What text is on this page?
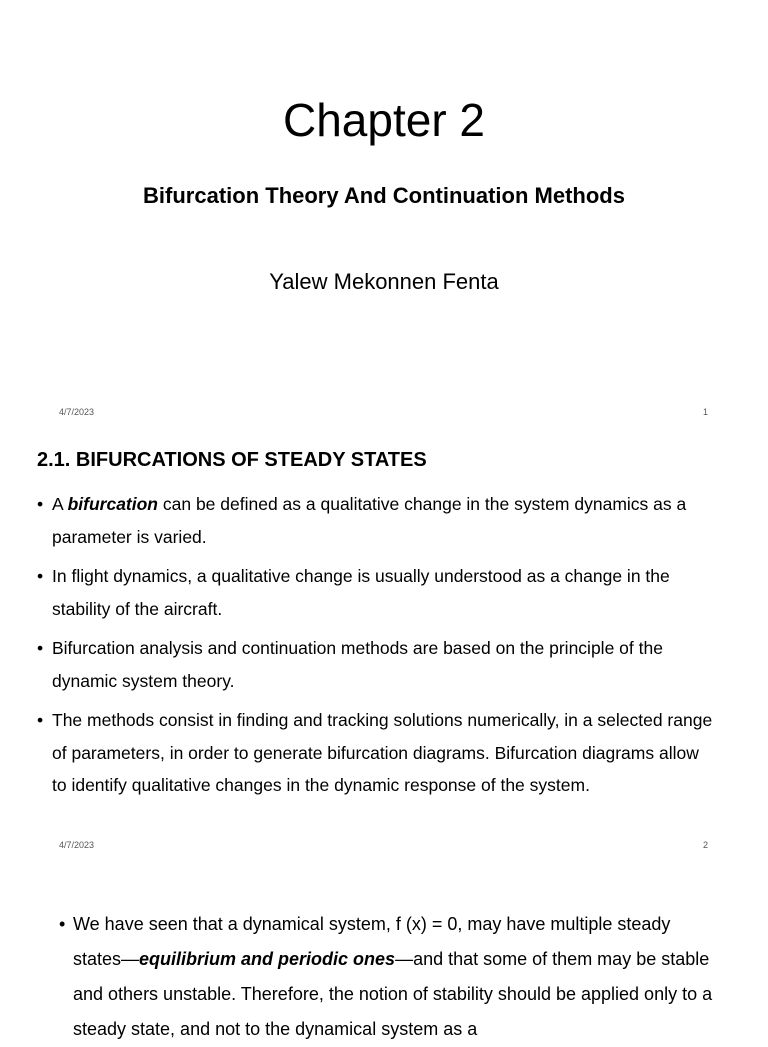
Chapter 2
Bifurcation Theory And Continuation Methods
Yalew Mekonnen Fenta
4/7/2023	1
2.1. BIFURCATIONS OF STEADY STATES
• A bifurcation can be defined as a qualitative change in the system dynamics as a parameter is varied.
• In flight dynamics, a qualitative change is usually understood as a change in the stability of the aircraft.
• Bifurcation analysis and continuation methods are based on the principle of the dynamic system theory.
• The methods consist in finding and tracking solutions numerically, in a selected range of parameters, in order to generate bifurcation diagrams. Bifurcation diagrams allow to identify qualitative changes in the dynamic response of the system.
4/7/2023	2
• We have seen that a dynamical system, f (x) = 0, may have multiple steady states—equilibrium and periodic ones—and that some of them may be stable and others unstable. Therefore, the notion of stability should be applied only to a steady state, and not to the dynamical system as a
